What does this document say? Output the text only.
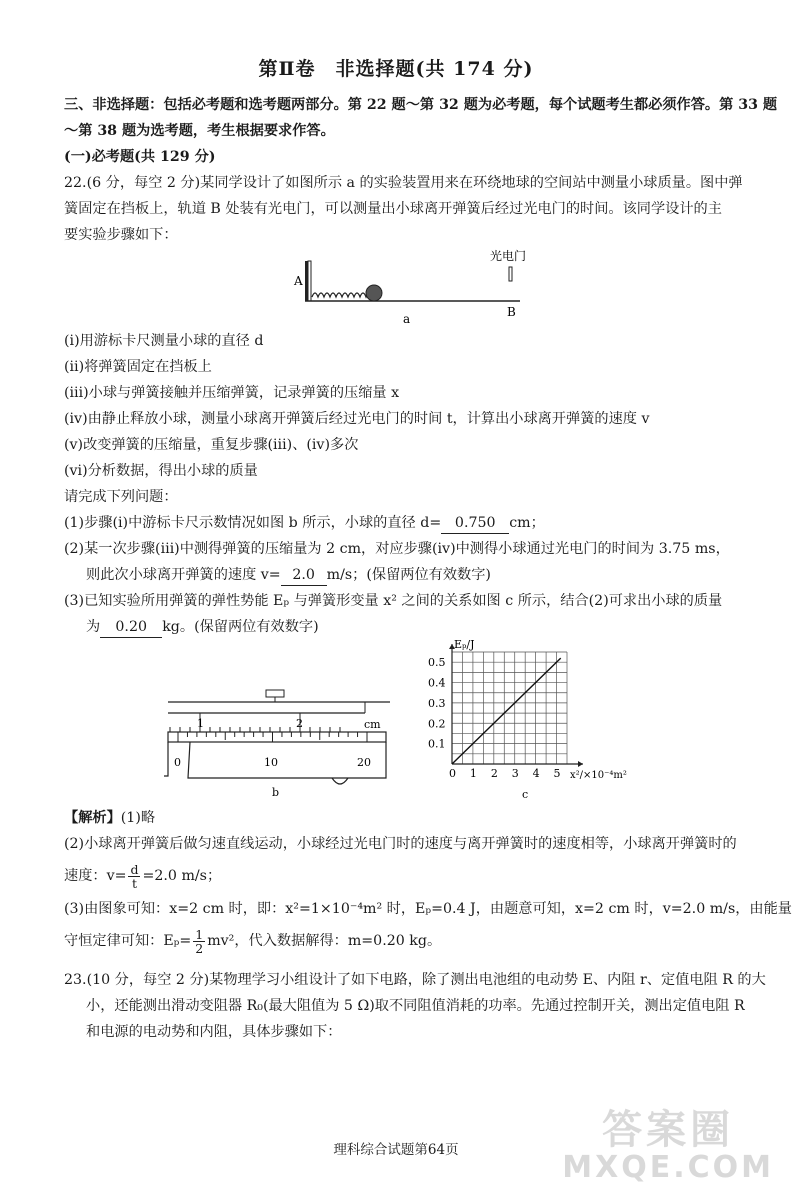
第Ⅱ卷　非选择题(共 174 分)
三、非选择题：包括必考题和选考题两部分。第 22 题～第 32 题为必考题，每个试题考生都必须作答。第 33 题
～第 38 题为选考题，考生根据要求作答。
(一)必考题(共 129 分)
22.(6 分，每空 2 分)某同学设计了如图所示 a 的实验装置用来在环绕地球的空间站中测量小球质量。图中弹
簧固定在挡板上，轨道 B 处装有光电门，可以测量出小球离开弹簧后经过光电门的时间。该同学设计的主
要实验步骤如下：
A
B
光电门
a
(ⅰ)用游标卡尺测量小球的直径 d
(ⅱ)将弹簧固定在挡板上
(ⅲ)小球与弹簧接触并压缩弹簧，记录弹簧的压缩量 x
(ⅳ)由静止释放小球，测量小球离开弹簧后经过光电门的时间 t，计算出小球离开弹簧的速度 v
(ⅴ)改变弹簧的压缩量，重复步骤(ⅲ)、(ⅳ)多次
(ⅵ)分析数据，得出小球的质量
请完成下列问题：
(1)步骤(ⅰ)中游标卡尺示数情况如图 b 所示，小球的直径 d= 0.750 cm；
(2)某一次步骤(ⅲ)中测得弹簧的压缩量为 2 cm，对应步骤(ⅳ)中测得小球通过光电门的时间为 3.75 ms，
则此次小球离开弹簧的速度 v= 2.0 m/s；(保留两位有效数字)
(3)已知实验所用弹簧的弹性势能 Eₚ 与弹簧形变量 x² 之间的关系如图 c 所示，结合(2)可求出小球的质量
为 0.20 kg。(保留两位有效数字)
1	2	cm
0	10	20
b
Eₚ/J
x²/×10⁻⁴m²
c
0 1 2 3 4 5
0.1
0.2
0.3
0.4
0.5
【解析】(1)略
(2)小球离开弹簧后做匀速直线运动，小球经过光电门时的速度与离开弹簧时的速度相等，小球离开弹簧时的
速度：$v= \frac{d}{t} =2.0$ m/s；
(3)由图象可知：x=2 cm 时，即：x²=1×10⁻⁴m² 时，Eₚ=0.4 J，由题意可知，x=2 cm 时，v=2.0 m/s，由能量
守恒定律可知：$E_p= \frac{1}{2} mv^2$，代入数据解得：m=0.20 kg。
23.(10 分，每空 2 分)某物理学习小组设计了如下电路，除了测出电池组的电动势 E、内阻 r、定值电阻 R 的大
小，还能测出滑动变阻器 R₀(最大阻值为 5 Ω)取不同阻值消耗的功率。先通过控制开关，测出定值电阻 R
和电源的电动势和内阻，具体步骤如下：
理科综合试题第64页	答案圈
MXQE.COM
